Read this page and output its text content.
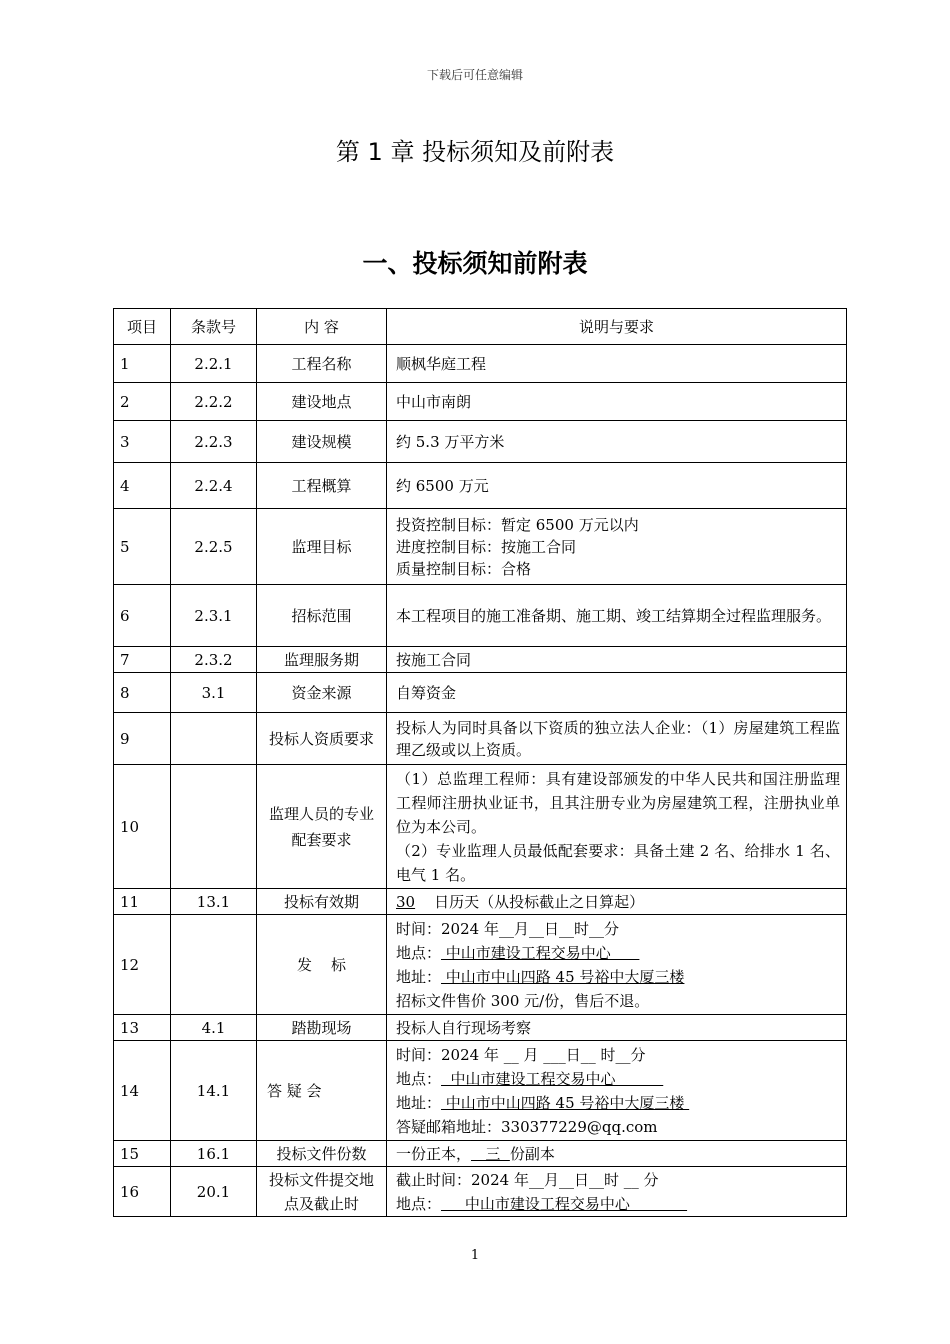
下载后可任意编辑
第 1 章 投标须知及前附表
一、投标须知前附表
项目	条款号	内 容	说明与要求
1	2.2.1	工程名称	顺枫华庭工程
2	2.2.2	建设地点	中山市南朗
3	2.2.3	建设规模	约 5.3 万平方米
4	2.2.4	工程概算	约 6500 万元
5	2.2.5	监理目标	投资控制目标：暂定 6500 万元以内
进度控制目标：按施工合同
质量控制目标：合格

6	2.3.1	招标范围	本工程项目的施工准备期、施工期、竣工结算期全过程监理服务。

7	2.3.2	监理服务期	按施工合同
8	3.1	资金来源	自筹资金
9		投标人资质要求	投标人为同时具备以下资质的独立法人企业：（1）房屋建筑工程监理乙级或以上资质。

10		监理人员的专业配套要求	（1）总监理工程师：具有建设部颁发的中华人民共和国注册监理工程师注册执业证书，且其注册专业为房屋建筑工程，注册执业单位为本公司。
（2）专业监理人员最低配套要求：具备土建 2 名、给排水 1 名、 电气 1 名。

11	13.1	投标有效期	30 日历天（从投标截止之日算起）
12		发    标	时间：2024 年__月__日__时__分
地点： 中山市建设工程交易中心
地址： 中山市中山四路 45 号裕中大厦三楼
招标文件售价 300 元/份，售后不退。

13	4.1	踏勘现场	投标人自行现场考察
14	14.1	答 疑 会	时间：2024 年 __ 月 ___日__ 时__分
地点：  中山市建设工程交易中心
地址： 中山市中山四路 45 号裕中大厦三楼
答疑邮箱地址：330377229@qq.com

15	16.1	投标文件份数	一份正本，   三  份副本
16	20.1	投标文件提交地点及截止时	截止时间：2024 年__月__日__时 __ 分
地点：     中山市建设工程交易中心
1
